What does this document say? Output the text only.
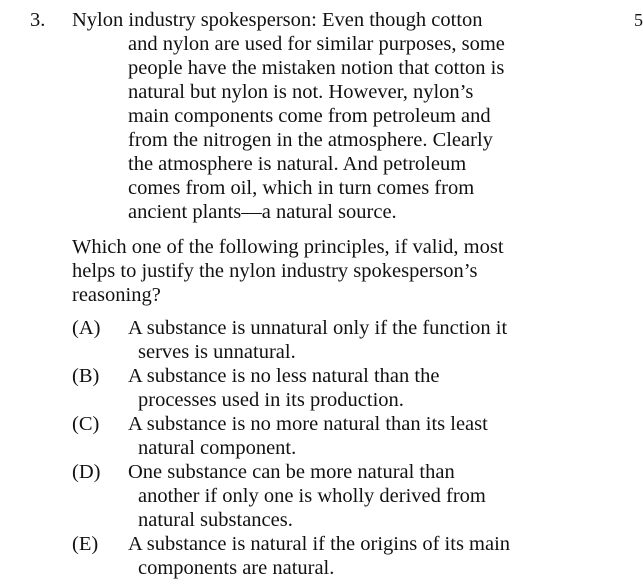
3. Nylon industry spokesperson: Even though cotton
and nylon are used for similar purposes, some
people have the mistaken notion that cotton is
natural but nylon is not. However, nylon’s
main components come from petroleum and
from the nitrogen in the atmosphere. Clearly
the atmosphere is natural. And petroleum
comes from oil, which in turn comes from
ancient plants—a natural source.
5
Which one of the following principles, if valid, most
helps to justify the nylon industry spokesperson’s
reasoning?
(A) A substance is unnatural only if the function it
serves is unnatural.
(B) A substance is no less natural than the
processes used in its production.
(C) A substance is no more natural than its least
natural component.
(D) One substance can be more natural than
another if only one is wholly derived from
natural substances.
(E) A substance is natural if the origins of its main
components are natural.
